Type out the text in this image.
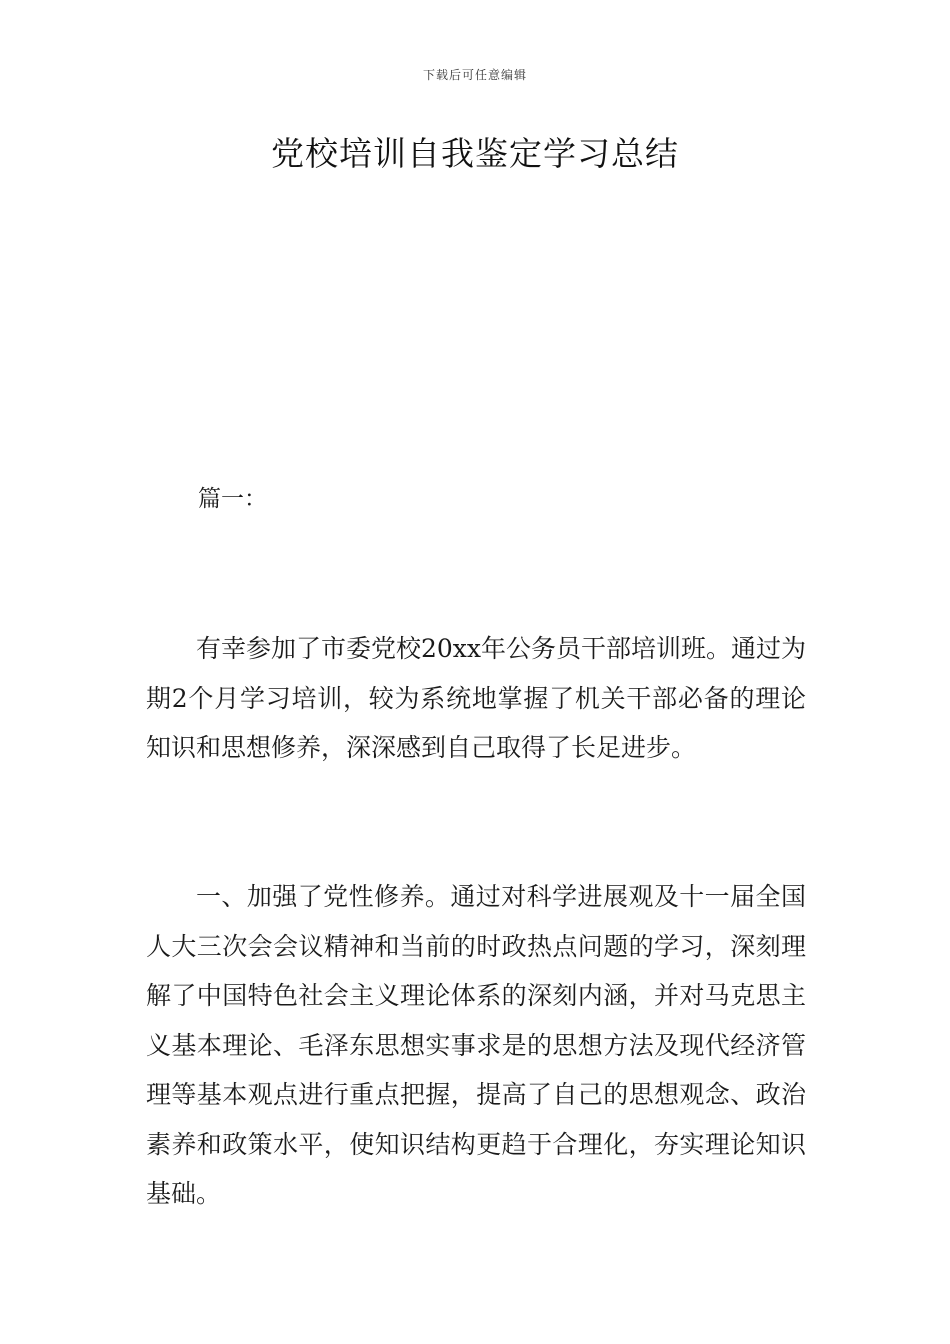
下载后可任意编辑
党校培训自我鉴定学习总结
篇一：

有幸参加了市委党校20xx年公务员干部培训班。通过为期2个月学习培训，较为系统地掌握了机关干部必备的理论知识和思想修养，深深感到自己取得了长足进步。

一、加强了党性修养。通过对科学进展观及十一届全国人大三次会会议精神和当前的时政热点问题的学习，深刻理解了中国特色社会主义理论体系的深刻内涵，并对马克思主义基本理论、毛泽东思想实事求是的思想方法及现代经济管理等基本观点进行重点把握，提高了自己的思想观念、政治素养和政策水平，使知识结构更趋于合理化，夯实理论知识基础。
